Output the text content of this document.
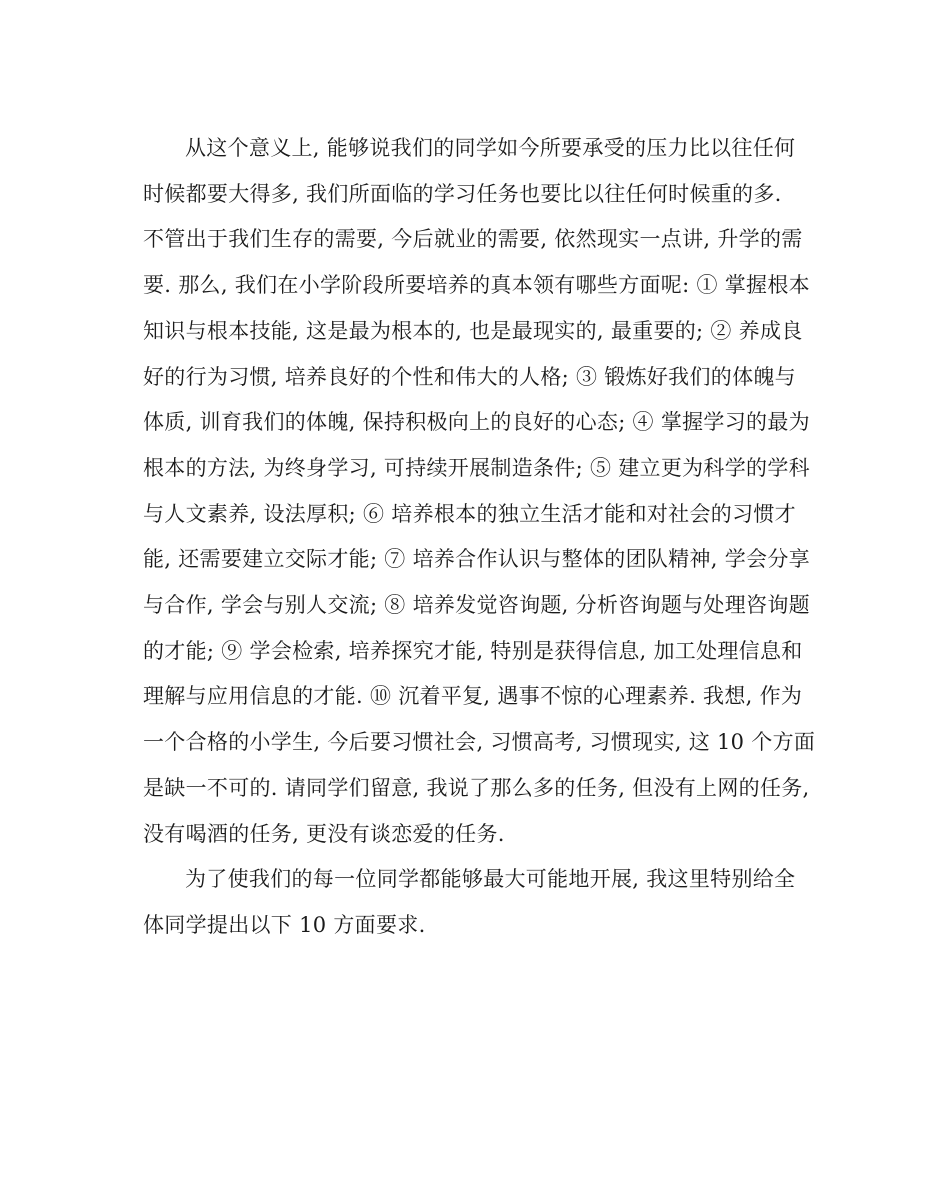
从这个意义上, 能够说我们的同学如今所要承受的压力比以往任何
时候都要大得多, 我们所面临的学习任务也要比以往任何时候重的多.
不管出于我们生存的需要, 今后就业的需要, 依然现实一点讲, 升学的需
要. 那么, 我们在小学阶段所要培养的真本领有哪些方面呢: ① 掌握根本
知识与根本技能, 这是最为根本的, 也是最现实的, 最重要的; ② 养成良
好的行为习惯, 培养良好的个性和伟大的人格; ③ 锻炼好我们的体魄与
体质, 训育我们的体魄, 保持积极向上的良好的心态; ④ 掌握学习的最为
根本的方法, 为终身学习, 可持续开展制造条件; ⑤ 建立更为科学的学科
与人文素养, 设法厚积; ⑥ 培养根本的独立生活才能和对社会的习惯才
能, 还需要建立交际才能; ⑦ 培养合作认识与整体的团队精神, 学会分享
与合作, 学会与别人交流; ⑧ 培养发觉咨询题, 分析咨询题与处理咨询题
的才能; ⑨ 学会检索, 培养探究才能, 特别是获得信息, 加工处理信息和
理解与应用信息的才能. ⑩ 沉着平复, 遇事不惊的心理素养. 我想, 作为
一个合格的小学生, 今后要习惯社会, 习惯高考, 习惯现实, 这 10 个方面
是缺一不可的. 请同学们留意, 我说了那么多的任务, 但没有上网的任务,
没有喝酒的任务, 更没有谈恋爱的任务.
为了使我们的每一位同学都能够最大可能地开展, 我这里特别给全
体同学提出以下 10 方面要求.
